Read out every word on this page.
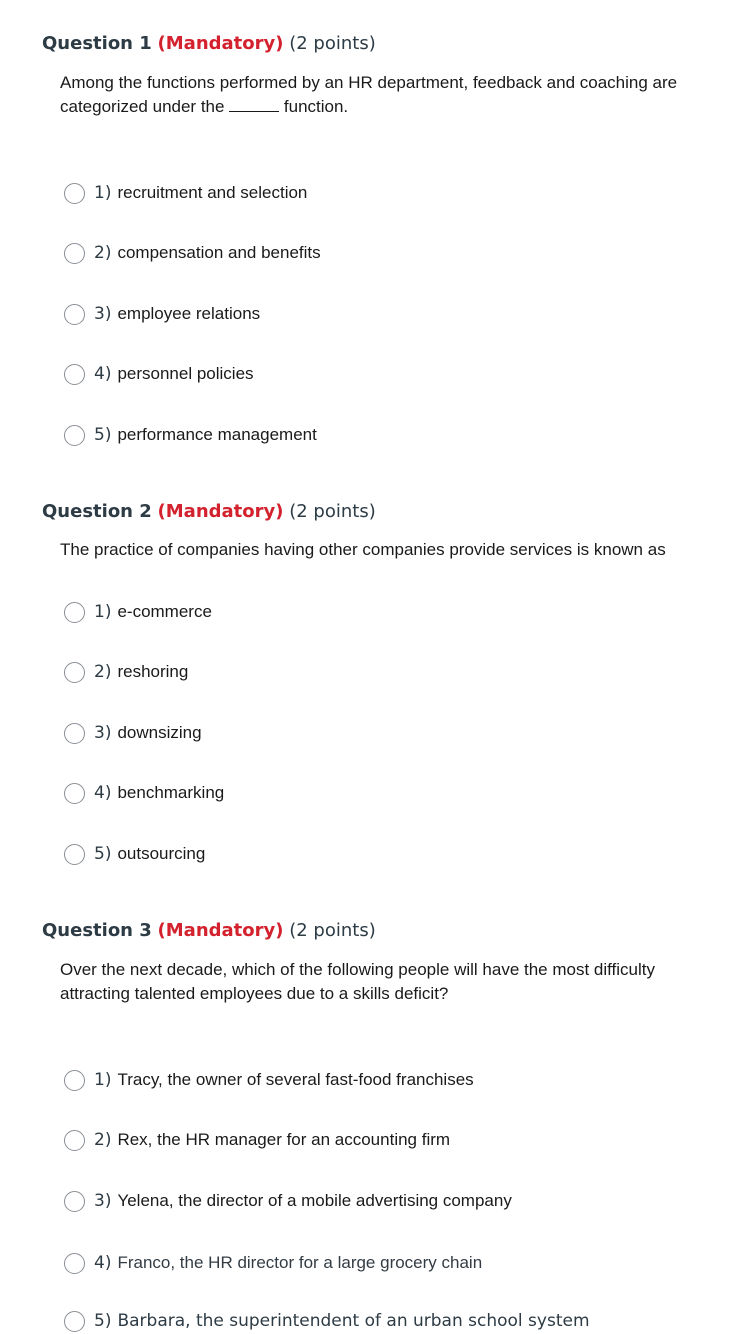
Question 1 (Mandatory) (2 points)
Among the functions performed by an HR department, feedback and coaching are categorized under the	function.
1) recruitment and selection
2) compensation and benefits
3) employee relations
4) personnel policies
5) performance management
Question 2 (Mandatory) (2 points)
The practice of companies having other companies provide services is known as
1) e-commerce
2) reshoring
3) downsizing
4) benchmarking
5) outsourcing
Question 3 (Mandatory) (2 points)
Over the next decade, which of the following people will have the most difficulty attracting talented employees due to a skills deficit?
1) Tracy, the owner of several fast-food franchises
2) Rex, the HR manager for an accounting firm
3) Yelena, the director of a mobile advertising company
4) Franco, the HR director for a large grocery chain
5) Barbara, the superintendent of an urban school system
